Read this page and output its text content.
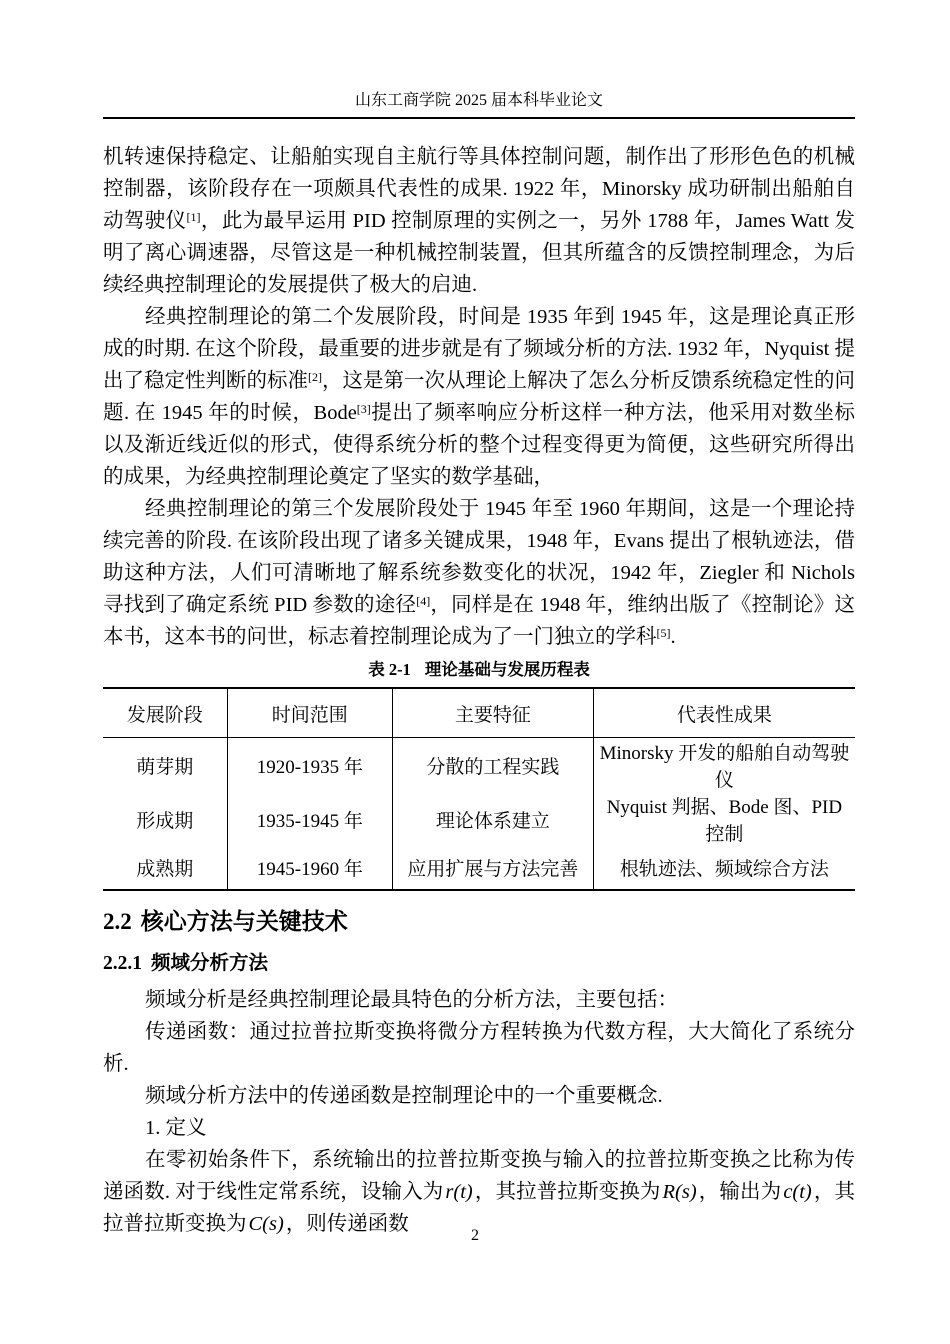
山东工商学院 2025 届本科毕业论文

机转速保持稳定、让船舶实现自主航行等具体控制问题，制作出了形形色色的机械控制器，该阶段存在一项颇具代表性的成果. 1922 年，Minorsky 成功研制出船舶自动驾驶仪[1]，此为最早运用 PID 控制原理的实例之一，另外 1788 年，James Watt 发明了离心调速器，尽管这是一种机械控制装置，但其所蕴含的反馈控制理念，为后续经典控制理论的发展提供了极大的启迪.

经典控制理论的第二个发展阶段，时间是 1935 年到 1945 年，这是理论真正形成的时期. 在这个阶段，最重要的进步就是有了频域分析的方法. 1932 年，Nyquist 提出了稳定性判断的标准[2]，这是第一次从理论上解决了怎么分析反馈系统稳定性的问题. 在 1945 年的时候，Bode[3]提出了频率响应分析这样一种方法，他采用对数坐标以及渐近线近似的形式，使得系统分析的整个过程变得更为简便，这些研究所得出的成果，为经典控制理论奠定了坚实的数学基础，

经典控制理论的第三个发展阶段处于 1945 年至 1960 年期间，这是一个理论持续完善的阶段. 在该阶段出现了诸多关键成果，1948 年，Evans 提出了根轨迹法，借助这种方法，人们可清晰地了解系统参数变化的状况，1942 年，Ziegler 和 Nichols 寻找到了确定系统 PID 参数的途径[4]，同样是在 1948 年，维纳出版了《控制论》这本书，这本书的问世，标志着控制理论成为了一门独立的学科[5].

表 2-1 理论基础与发展历程表
发展阶段	时间范围	主要特征	代表性成果
萌芽期	1920-1935 年	分散的工程实践	Minorsky 开发的船舶自动驾驶仪
形成期	1935-1945 年	理论体系建立	Nyquist 判据、Bode 图、PID 控制
成熟期	1945-1960 年	应用扩展与方法完善	根轨迹法、频域综合方法
2.2 核心方法与关键技术
2.2.1 频域分析方法

频域分析是经典控制理论最具特色的分析方法，主要包括：

传递函数：通过拉普拉斯变换将微分方程转换为代数方程，大大简化了系统分析.

频域分析方法中的传递函数是控制理论中的一个重要概念.

1. 定义

在零初始条件下，系统输出的拉普拉斯变换与输入的拉普拉斯变换之比称为传递函数. 对于线性定常系统，设输入为r(t)，其拉普拉斯变换为R(s)，输出为c(t)，其拉普拉斯变换为C(s)，则传递函数

2
